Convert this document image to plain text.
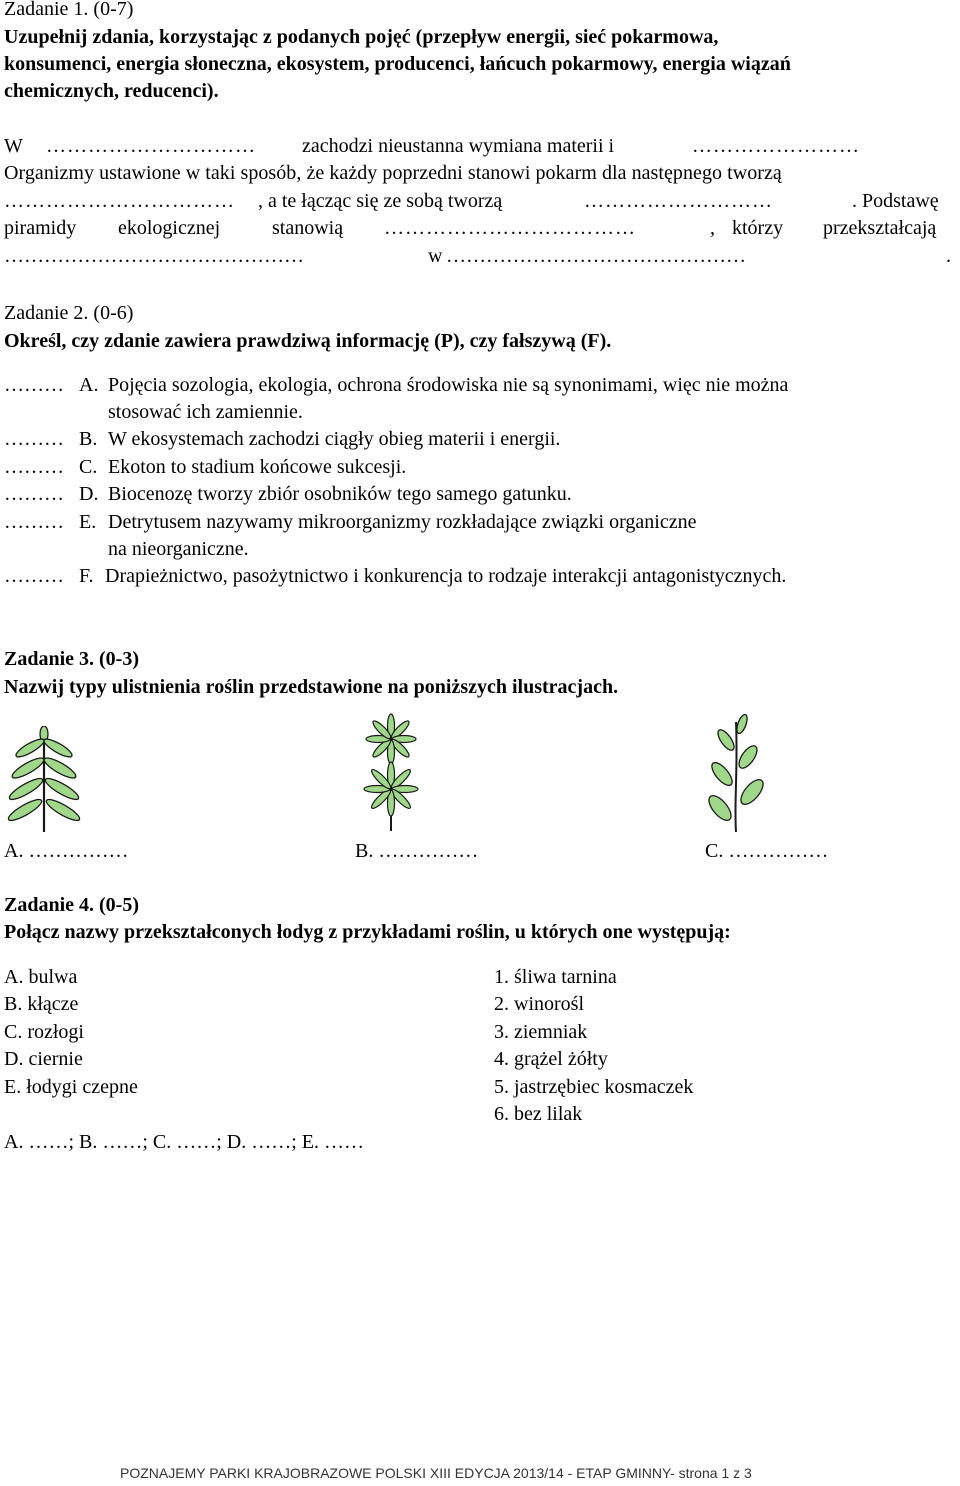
Zadanie 1. (0-7)
Uzupełnij zdania, korzystając z podanych pojęć (przepływ energii, sieć pokarmowa,
konsumenci, energia słoneczna, ekosystem, producenci, łańcuch pokarmowy, energia wiązań
chemicznych, reducenci).
W ………………………… zachodzi nieustanna wymiana materii i	……………………
Organizmy ustawione w taki sposób, że każdy poprzedni stanowi pokarm dla następnego tworzą
…………………………… , a te łącząc się ze sobą tworzą	………………………	. Podstawę
piramidy ekologicznej	stanowią ………………………………	, którzy przekształcają
………………………………………	w ………………………………………	.
Zadanie 2. (0-6)
Określ, czy zdanie zawiera prawdziwą informację (P), czy fałszywą (F).
……… A. Pojęcia sozologia, ekologia, ochrona środowiska nie są synonimami, więc nie można
stosować ich zamiennie.
……… B. W ekosystemach zachodzi ciągły obieg materii i energii.
……… C. Ekoton to stadium końcowe sukcesji.
……… D. Biocenozę tworzy zbiór osobników tego samego gatunku.
……… E. Detrytusem nazywamy mikroorganizmy rozkładające związki organiczne
na nieorganiczne.
……… F. Drapieżnictwo, pasożytnictwo i konkurencja to rodzaje interakcji antagonistycznych.
Zadanie 3. (0-3)
Nazwij typy ulistnienia roślin przedstawione na poniższych ilustracjach.
A. ……………	B. ……………	C. ……………
Zadanie 4. (0-5)
Połącz nazwy przekształconych łodyg z przykładami roślin, u których one występują:
A. bulwa
B. kłącze
C. rozłogi
D. ciernie
E. łodygi czepne
1. śliwa tarnina
2. winorośl
3. ziemniak
4. grążel żółty
5. jastrzębiec kosmaczek
6. bez lilak
A. ……; B. ……; C. ……; D. ……; E. ……
POZNAJEMY PARKI KRAJOBRAZOWE POLSKI XIII EDYCJA 2013/14 - ETAP GMINNY- strona 1 z 3
